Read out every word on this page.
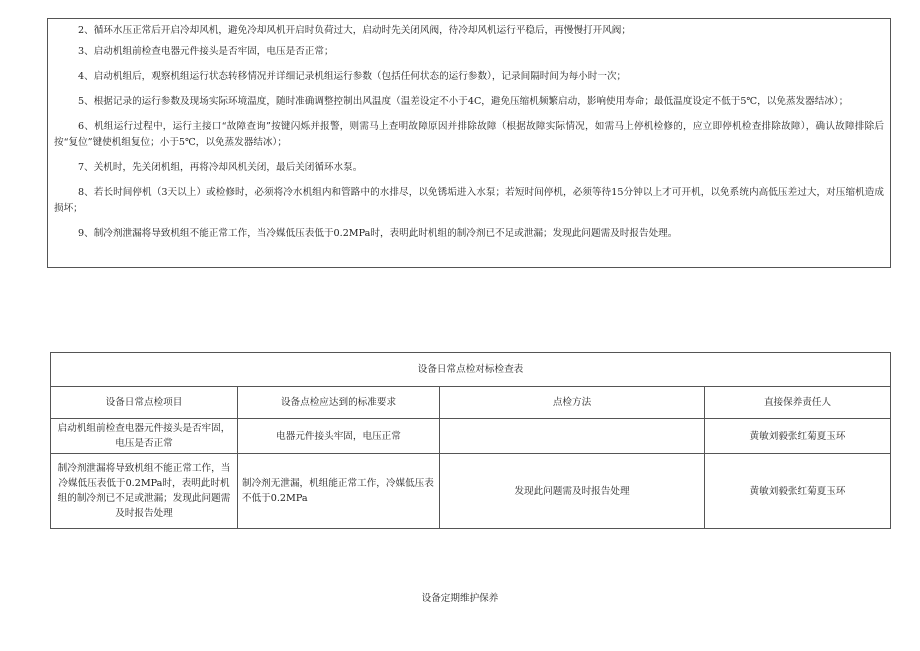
2、循环水压正常后开启冷却风机，避免冷却风机开启时负荷过大，启动时先关闭风阀，待冷却风机运行平稳后，再慢慢打开风阀；

3、启动机组前检查电器元件接头是否牢固，电压是否正常；

4、启动机组后，观察机组运行状态转移情况并详细记录机组运行参数（包括任何状态的运行参数），记录间隔时间为每小时一次；

5、根据记录的运行参数及现场实际环境温度，随时准确调整控制出风温度（温差设定不小于4C，避免压缩机频繁启动，影响使用寿命；最低温度设定不低于5℃，以免蒸发器结冰）；

6、机组运行过程中，运行主接口“故障查询”按键闪烁并报警，则需马上查明故障原因并排除故障（根据故障实际情况，如需马上停机检修的，应立即停机检查排除故障），确认故障排除后按“复位”键使机组复位；小于5℃，以免蒸发器结冰）；

7、关机时，先关闭机组，再将冷却风机关闭，最后关闭循环水泵。

8、若长时间停机（3天以上）或检修时，必须将冷水机组内和管路中的水排尽，以免锈垢进入水泵；若短时间停机，必须等待15分钟以上才可开机，以免系统内高低压差过大，对压缩机造成损坏；

9、制冷剂泄漏将导致机组不能正常工作，当冷媒低压表低于0.2MPa时，表明此时机组的制冷剂已不足或泄漏；发现此问题需及时报告处理。

设备日常点检对标检查表			
设备日常点检项目	设备点检应达到的标准要求	点检方法	直接保养责任人
启动机组前检查电器元件接头是否牢固，电压是否正常	电器元件接头牢固，电压正常		黄敏刘毅张红菊夏玉环
制冷剂泄漏将导致机组不能正常工作，当冷媒低压表低于0.2MPa时，表明此时机组的制冷剂已不足或泄漏；发现此问题需及时报告处理	制冷剂无泄漏，机组能正常工作，冷媒低压表不低于0.2MPa	发现此问题需及时报告处理	黄敏刘毅张红菊夏玉环
设备定期维护保养
